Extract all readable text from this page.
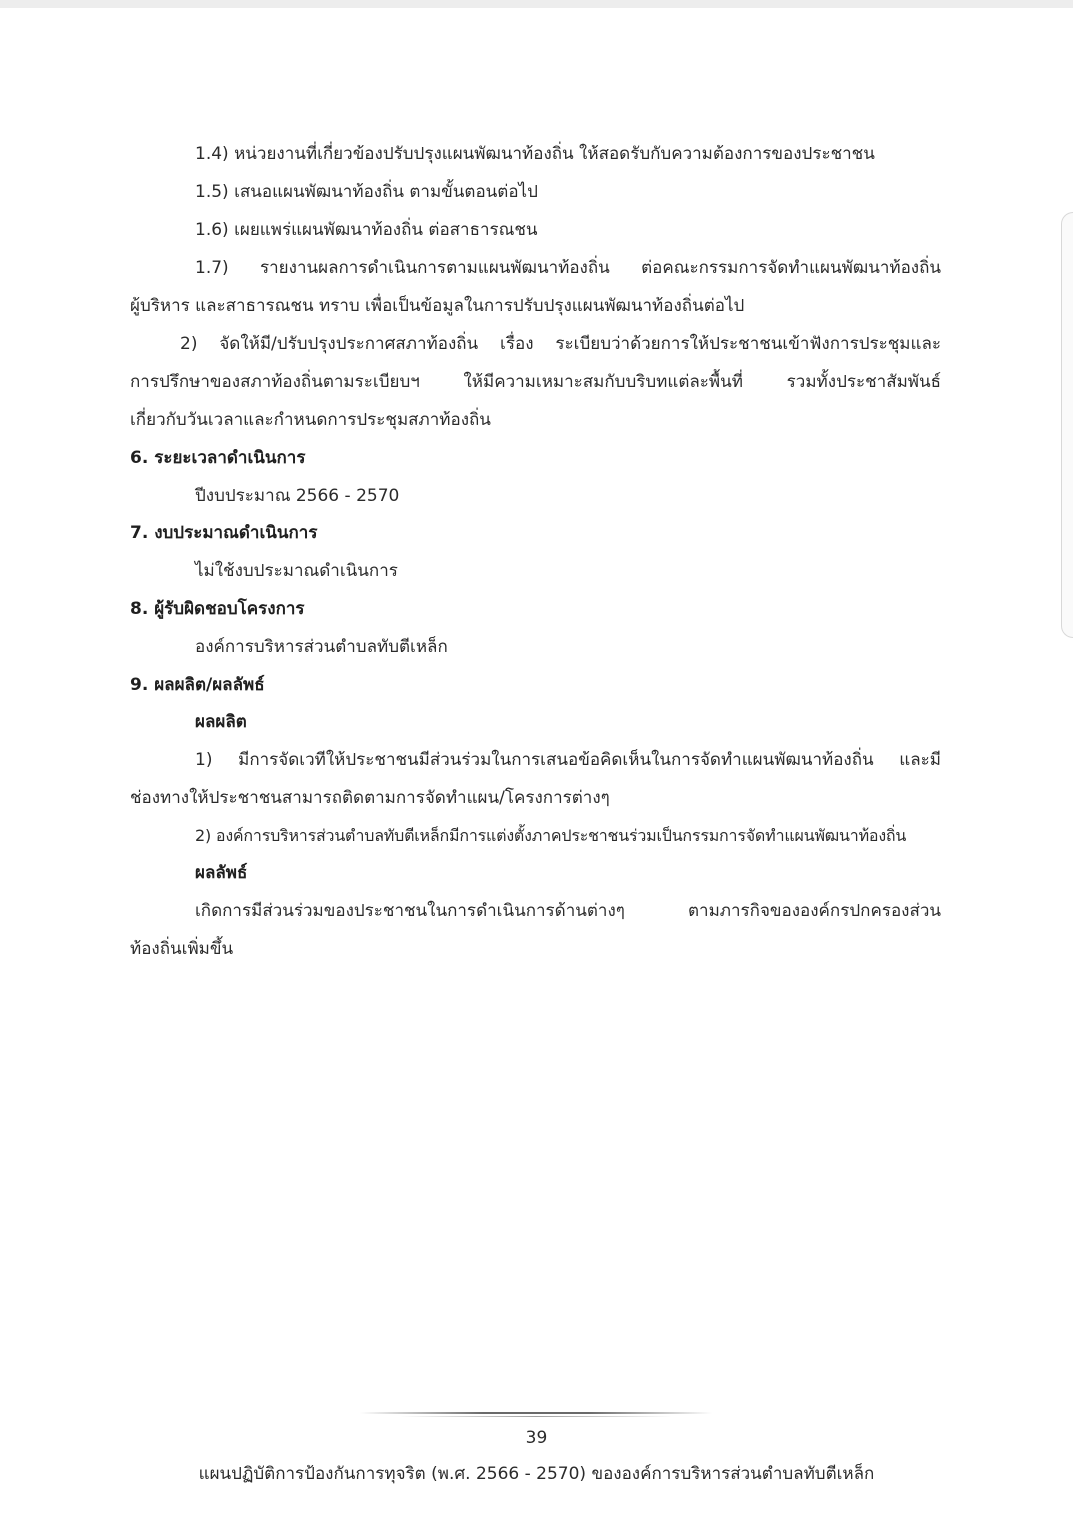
1.4) หน่วยงานที่เกี่ยวข้องปรับปรุงแผนพัฒนาท้องถิ่น ให้สอดรับกับความต้องการของประชาชน
1.5) เสนอแผนพัฒนาท้องถิ่น ตามขั้นตอนต่อไป
1.6) เผยแพร่แผนพัฒนาท้องถิ่น ต่อสาธารณชน
1.7) รายงานผลการดำเนินการตามแผนพัฒนาท้องถิ่น ต่อคณะกรรมการจัดทำแผนพัฒนาท้องถิ่น
ผู้บริหาร และสาธารณชน ทราบ เพื่อเป็นข้อมูลในการปรับปรุงแผนพัฒนาท้องถิ่นต่อไป
2) จัดให้มี/ปรับปรุงประกาศสภาท้องถิ่น เรื่อง ระเบียบว่าด้วยการให้ประชาชนเข้าฟังการประชุมและ
การปรึกษาของสภาท้องถิ่นตามระเบียบฯ ให้มีความเหมาะสมกับบริบทแต่ละพื้นที่ รวมทั้งประชาสัมพันธ์
เกี่ยวกับวันเวลาและกำหนดการประชุมสภาท้องถิ่น
6. ระยะเวลาดำเนินการ
ปีงบประมาณ 2566 - 2570
7. งบประมาณดำเนินการ
ไม่ใช้งบประมาณดำเนินการ
8. ผู้รับผิดชอบโครงการ
องค์การบริหารส่วนตำบลทับตีเหล็ก
9. ผลผลิต/ผลลัพธ์
ผลผลิต
1) มีการจัดเวทีให้ประชาชนมีส่วนร่วมในการเสนอข้อคิดเห็นในการจัดทำแผนพัฒนาท้องถิ่น และมี
ช่องทางให้ประชาชนสามารถติดตามการจัดทำแผน/โครงการต่างๆ
2) องค์การบริหารส่วนตำบลทับตีเหล็กมีการแต่งตั้งภาคประชาชนร่วมเป็นกรรมการจัดทำแผนพัฒนาท้องถิ่น
ผลลัพธ์
เกิดการมีส่วนร่วมของประชาชนในการดำเนินการด้านต่างๆ ตามภารกิจขององค์กรปกครองส่วน
ท้องถิ่นเพิ่มขึ้น
39
แผนปฏิบัติการป้องกันการทุจริต (พ.ศ. 2566 - 2570) ขององค์การบริหารส่วนตำบลทับตีเหล็ก
